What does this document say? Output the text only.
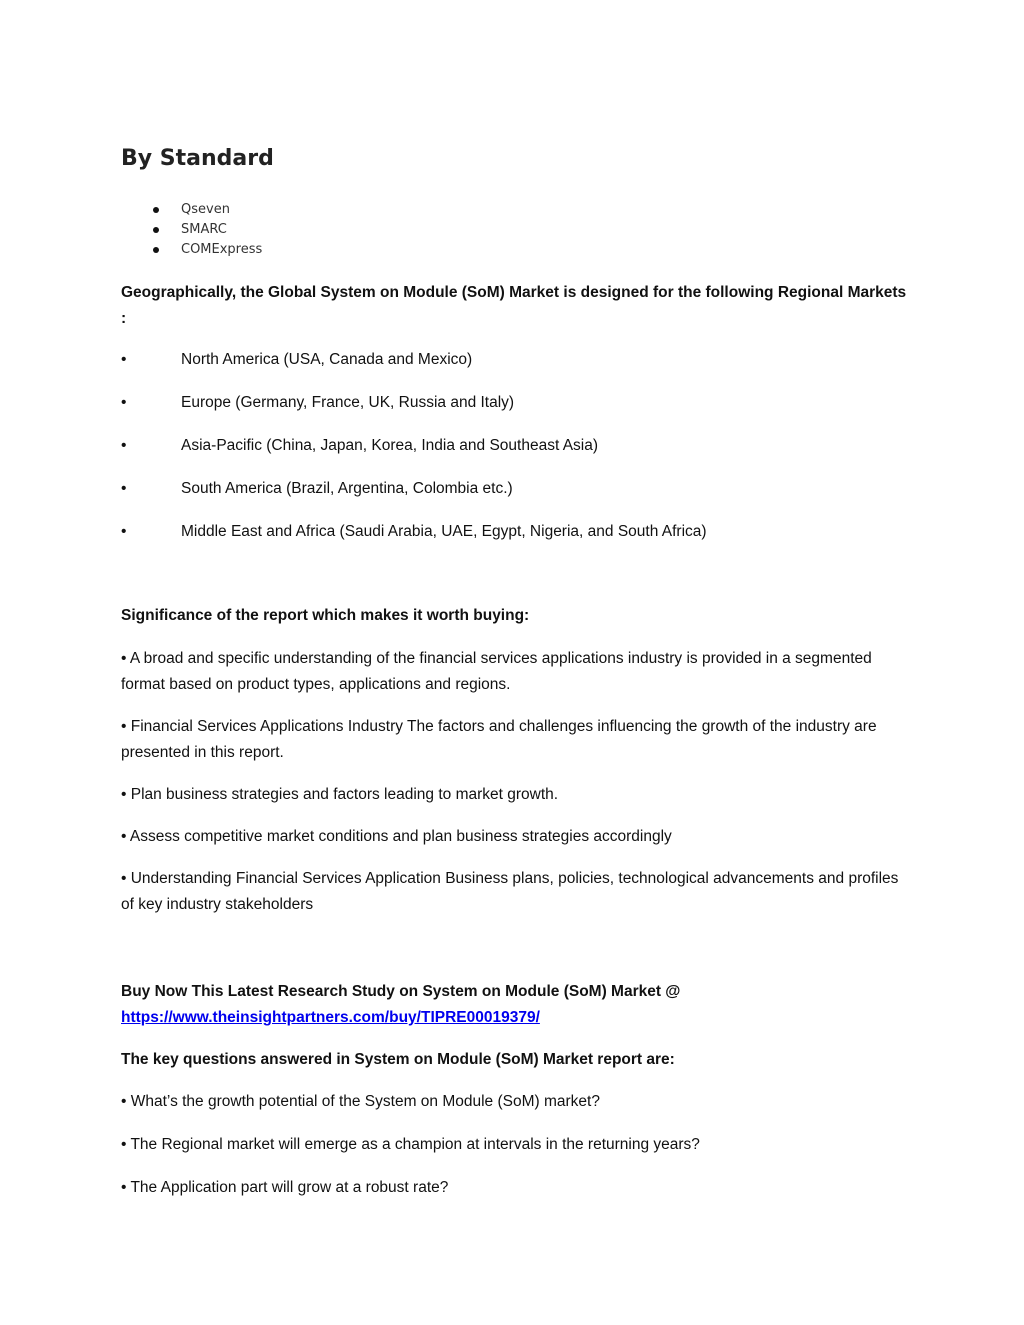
By Standard
Qseven
SMARC
COMExpress

Geographically, the Global System on Module (SoM) Market is designed for the following Regional Markets :

•	North America (USA, Canada and Mexico)
•	Europe (Germany, France, UK, Russia and Italy)
•	Asia-Pacific (China, Japan, Korea, India and Southeast Asia)
•	South America (Brazil, Argentina, Colombia etc.)
•	Middle East and Africa (Saudi Arabia, UAE, Egypt, Nigeria, and South Africa)

Significance of the report which makes it worth buying:

• A broad and specific understanding of the financial services applications industry is provided in a segmented format based on product types, applications and regions.
• Financial Services Applications Industry The factors and challenges influencing the growth of the industry are presented in this report.
• Plan business strategies and factors leading to market growth.
• Assess competitive market conditions and plan business strategies accordingly
• Understanding Financial Services Application Business plans, policies, technological advancements and profiles of key industry stakeholders

Buy Now This Latest Research Study on System on Module (SoM) Market @
https://www.theinsightpartners.com/buy/TIPRE00019379/

The key questions answered in System on Module (SoM) Market report are:

• What’s the growth potential of the System on Module (SoM) market?
• The Regional market will emerge as a champion at intervals in the returning years?
• The Application part will grow at a robust rate?
